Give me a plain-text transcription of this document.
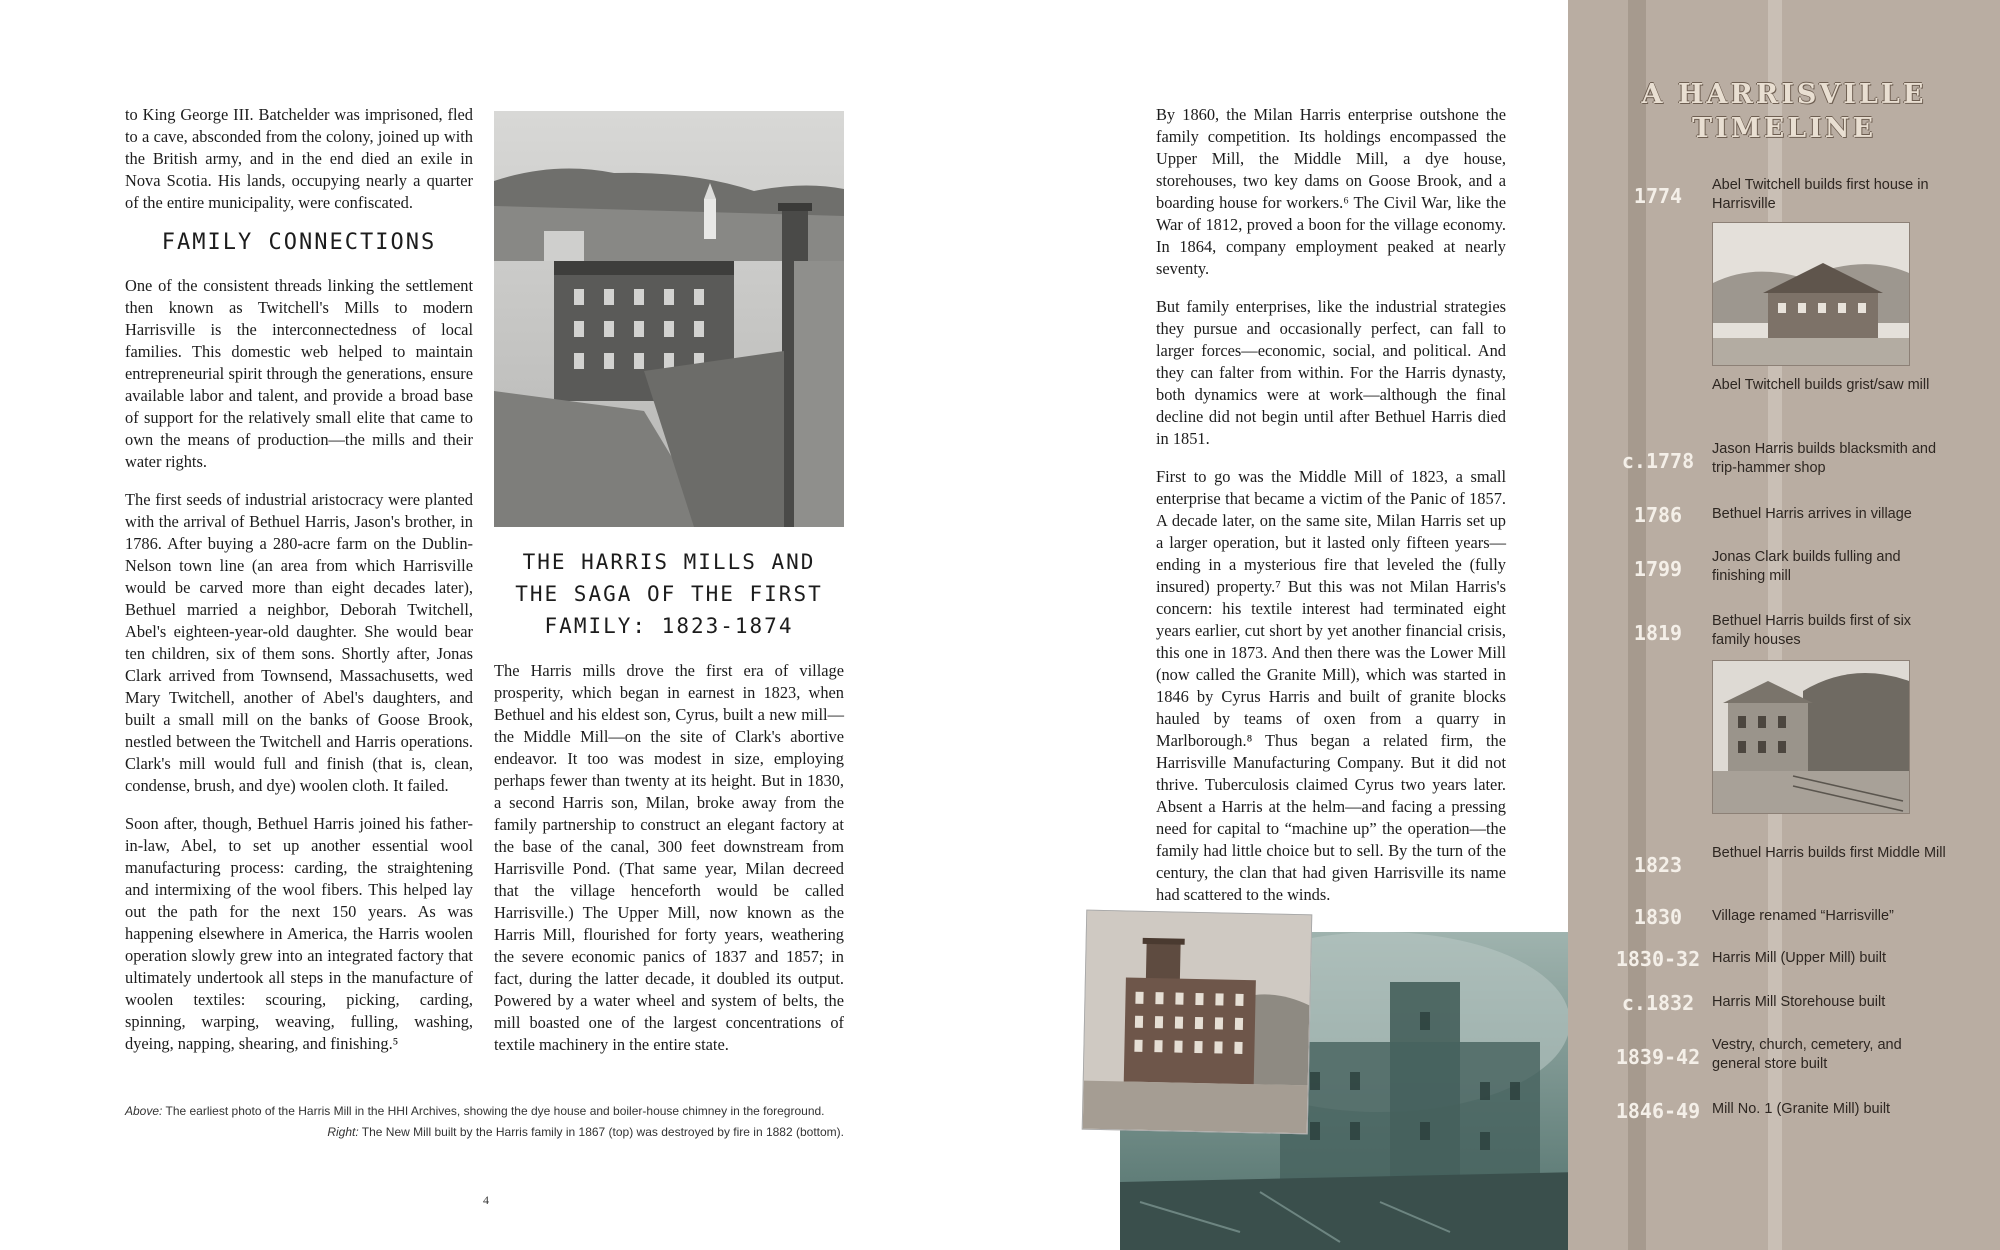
to King George III. Batchelder was imprisoned, fled to a cave, absconded from the colony, joined up with the British army, and in the end died an exile in Nova Scotia. His lands, occupying nearly a quarter of the entire municipality, were confiscated.

FAMILY CONNECTIONS

One of the consistent threads linking the settlement then known as Twitchell's Mills to modern Harrisville is the interconnectedness of local families. This domestic web helped to maintain entrepreneurial spirit through the generations, ensure available labor and talent, and provide a broad base of support for the relatively small elite that came to own the means of production—the mills and their water rights.

The first seeds of industrial aristocracy were planted with the arrival of Bethuel Harris, Jason's brother, in 1786. After buying a 280-acre farm on the Dublin-Nelson town line (an area from which Harrisville would be carved more than eight decades later), Bethuel married a neighbor, Deborah Twitchell, Abel's eighteen-year-old daughter. She would bear ten children, six of them sons. Shortly after, Jonas Clark arrived from Townsend, Massachusetts, wed Mary Twitchell, another of Abel's daughters, and built a small mill on the banks of Goose Brook, nestled between the Twitchell and Harris operations. Clark's mill would full and finish (that is, clean, condense, brush, and dye) woolen cloth. It failed.

Soon after, though, Bethuel Harris joined his father-in-law, Abel, to set up another essential wool manufacturing process: carding, the straightening and intermixing of the wool fibers. This helped lay out the path for the next 150 years. As was happening elsewhere in America, the Harris woolen operation slowly grew into an integrated factory that ultimately undertook all steps in the manufacture of woolen textiles: scouring, picking, carding, spinning, warping, weaving, fulling, washing, dyeing, napping, shearing, and finishing.⁵

THE HARRIS MILLS AND THE SAGA OF THE FIRST FAMILY: 1823-1874

The Harris mills drove the first era of village prosperity, which began in earnest in 1823, when Bethuel and his eldest son, Cyrus, built a new mill—the Middle Mill—on the site of Clark's abortive endeavor. It too was modest in size, employing perhaps fewer than twenty at its height. But in 1830, a second Harris son, Milan, broke away from the family partnership to construct an elegant factory at the base of the canal, 300 feet downstream from Harrisville Pond. (That same year, Milan decreed that the village henceforth would be called Harrisville.) The Upper Mill, now known as the Harris Mill, flourished for forty years, weathering the severe economic panics of 1837 and 1857; in fact, during the latter decade, it doubled its output. Powered by a water wheel and system of belts, the mill boasted one of the largest concentrations of textile machinery in the entire state.

Above: The earliest photo of the Harris Mill in the HHI Archives, showing the dye house and boiler-house chimney in the foreground.
Right: The New Mill built by the Harris family in 1867 (top) was destroyed by fire in 1882 (bottom).
4

By 1860, the Milan Harris enterprise outshone the family competition. Its holdings encompassed the Upper Mill, the Middle Mill, a dye house, storehouses, two key dams on Goose Brook, and a boarding house for workers.⁶ The Civil War, like the War of 1812, proved a boon for the village economy. In 1864, company employment peaked at nearly seventy.

But family enterprises, like the industrial strategies they pursue and occasionally perfect, can fall to larger forces—economic, social, and political. And they can falter from within. For the Harris dynasty, both dynamics were at work—although the final decline did not begin until after Bethuel Harris died in 1851.

First to go was the Middle Mill of 1823, a small enterprise that became a victim of the Panic of 1857. A decade later, on the same site, Milan Harris set up a larger operation, but it lasted only fifteen years—ending in a mysterious fire that leveled the (fully insured) property.⁷ But this was not Milan Harris's concern: his textile interest had terminated eight years earlier, cut short by yet another financial crisis, this one in 1873. And then there was the Lower Mill (now called the Granite Mill), which was started in 1846 by Cyrus Harris and built of granite blocks hauled by teams of oxen from a quarry in Marlborough.⁸ Thus began a related firm, the Harrisville Manufacturing Company. But it did not thrive. Tuberculosis claimed Cyrus two years later. Absent a Harris at the helm—and facing a pressing need for capital to “machine up” the operation—the family had little choice but to sell. By the turn of the century, the clan that had given Harrisville its name had scattered to the winds.

A HARRISVILLE
TIMELINE
1774	Abel Twitchell builds first house in Harrisville
Abel Twitchell builds grist/saw mill
c.1778	Jason Harris builds blacksmith and trip-hammer shop
1786	Bethuel Harris arrives in village
1799	Jonas Clark builds fulling and finishing mill
1819	Bethuel Harris builds first of six family houses
1823	Bethuel Harris builds first Middle Mill
1830	Village renamed “Harrisville”
1830-32 Harris Mill (Upper Mill) built
c.1832	Harris Mill Storehouse built
1839-42 Vestry, church, cemetery, and general store built
1846-49 Mill No. 1 (Granite Mill) built
